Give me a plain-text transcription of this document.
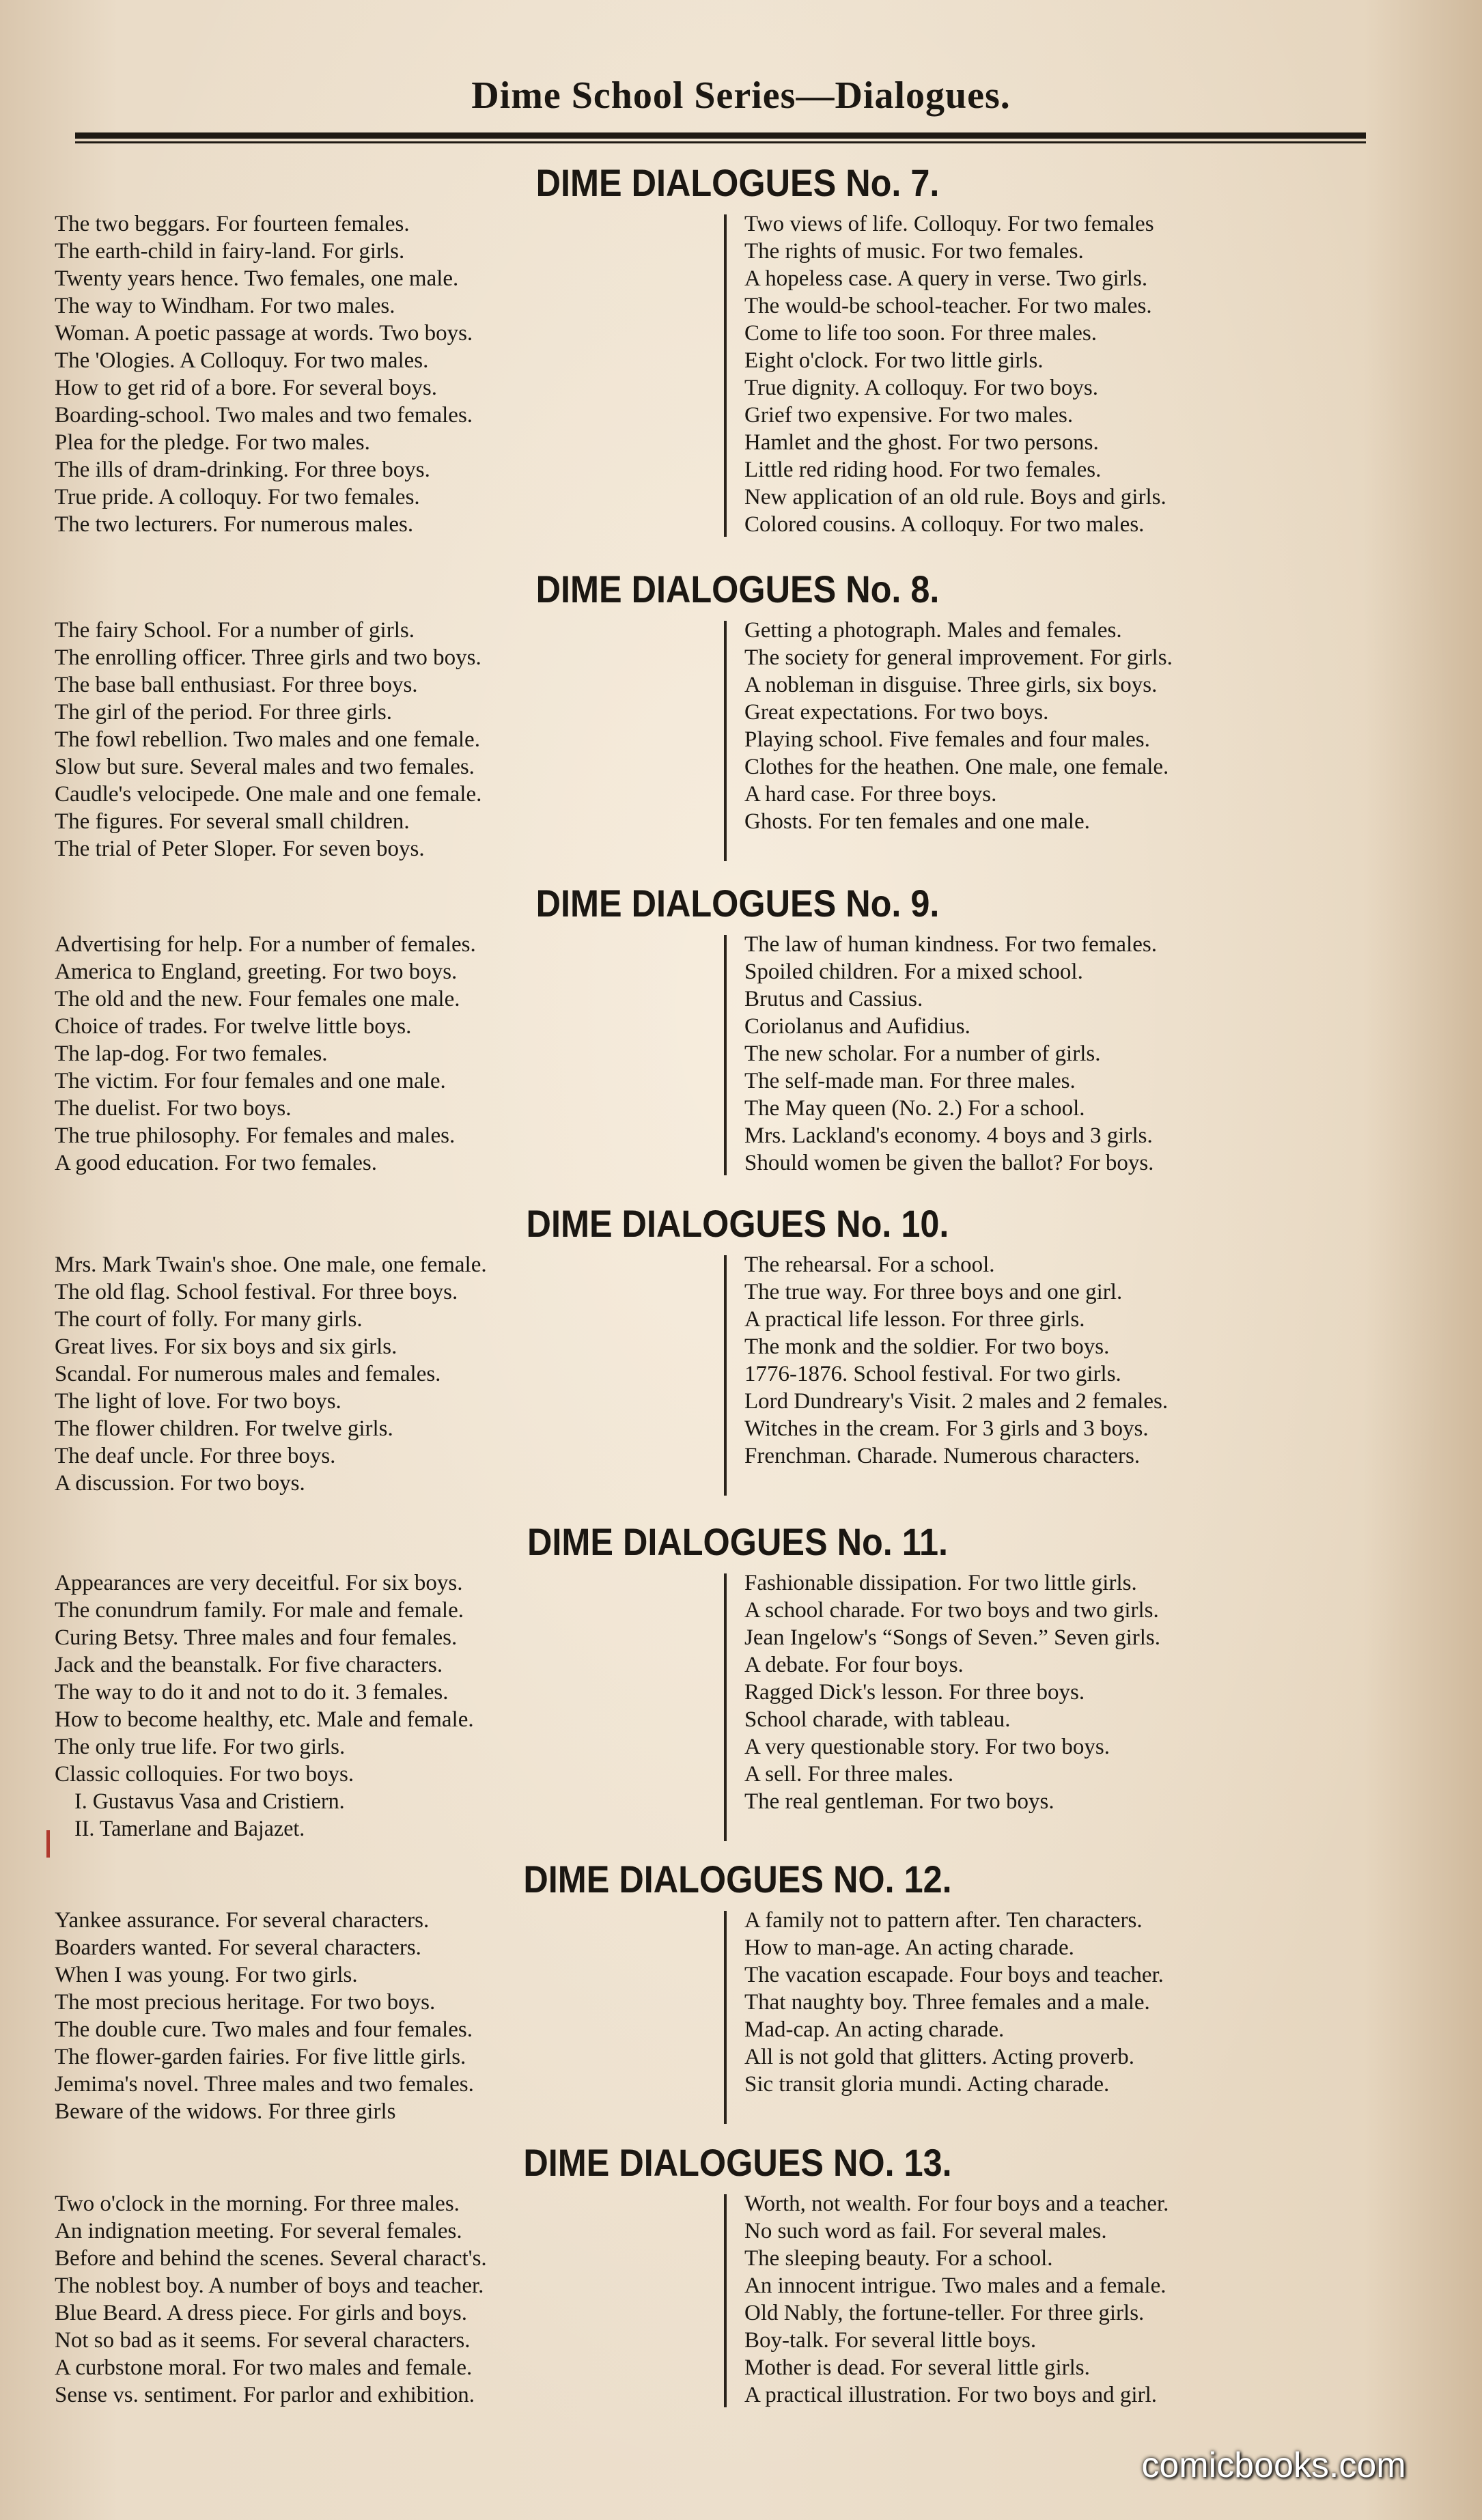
Dime School Series—Dialogues.
DIME DIALOGUES No. 7.
The two beggars. For fourteen females.
The earth-child in fairy-land. For girls.
Twenty years hence. Two females, one male.
The way to Windham. For two males.
Woman. A poetic passage at words. Two boys.
The 'Ologies. A Colloquy. For two males.
How to get rid of a bore. For several boys.
Boarding-school. Two males and two females.
Plea for the pledge. For two males.
The ills of dram-drinking. For three boys.
True pride. A colloquy. For two females.
The two lecturers. For numerous males.
Two views of life. Colloquy. For two females
The rights of music. For two females.
A hopeless case. A query in verse. Two girls.
The would-be school-teacher. For two males.
Come to life too soon. For three males.
Eight o'clock. For two little girls.
True dignity. A colloquy. For two boys.
Grief two expensive. For two males.
Hamlet and the ghost. For two persons.
Little red riding hood. For two females.
New application of an old rule. Boys and girls.
Colored cousins. A colloquy. For two males.
DIME DIALOGUES No. 8.
The fairy School. For a number of girls.
The enrolling officer. Three girls and two boys.
The base ball enthusiast. For three boys.
The girl of the period. For three girls.
The fowl rebellion. Two males and one female.
Slow but sure. Several males and two females.
Caudle's velocipede. One male and one female.
The figures. For several small children.
The trial of Peter Sloper. For seven boys.
Getting a photograph. Males and females.
The society for general improvement. For girls.
A nobleman in disguise. Three girls, six boys.
Great expectations. For two boys.
Playing school. Five females and four males.
Clothes for the heathen. One male, one female.
A hard case. For three boys.
Ghosts. For ten females and one male.
DIME DIALOGUES No. 9.
Advertising for help. For a number of females.
America to England, greeting. For two boys.
The old and the new. Four females one male.
Choice of trades. For twelve little boys.
The lap-dog. For two females.
The victim. For four females and one male.
The duelist. For two boys.
The true philosophy. For females and males.
A good education. For two females.
The law of human kindness. For two females.
Spoiled children. For a mixed school.
Brutus and Cassius.
Coriolanus and Aufidius.
The new scholar. For a number of girls.
The self-made man. For three males.
The May queen (No. 2.) For a school.
Mrs. Lackland's economy. 4 boys and 3 girls.
Should women be given the ballot? For boys.
DIME DIALOGUES No. 10.
Mrs. Mark Twain's shoe. One male, one female.
The old flag. School festival. For three boys.
The court of folly. For many girls.
Great lives. For six boys and six girls.
Scandal. For numerous males and females.
The light of love. For two boys.
The flower children. For twelve girls.
The deaf uncle. For three boys.
A discussion. For two boys.
The rehearsal. For a school.
The true way. For three boys and one girl.
A practical life lesson. For three girls.
The monk and the soldier. For two boys.
1776-1876. School festival. For two girls.
Lord Dundreary's Visit. 2 males and 2 females.
Witches in the cream. For 3 girls and 3 boys.
Frenchman. Charade. Numerous characters.
DIME DIALOGUES No. 11.
Appearances are very deceitful. For six boys.
The conundrum family. For male and female.
Curing Betsy. Three males and four females.
Jack and the beanstalk. For five characters.
The way to do it and not to do it. 3 females.
How to become healthy, etc. Male and female.
The only true life. For two girls.
Classic colloquies. For two boys.
I. Gustavus Vasa and Cristiern.
II. Tamerlane and Bajazet.
Fashionable dissipation. For two little girls.
A school charade. For two boys and two girls.
Jean Ingelow's “Songs of Seven.” Seven girls.
A debate. For four boys.
Ragged Dick's lesson. For three boys.
School charade, with tableau.
A very questionable story. For two boys.
A sell. For three males.
The real gentleman. For two boys.
DIME DIALOGUES NO. 12.
Yankee assurance. For several characters.
Boarders wanted. For several characters.
When I was young. For two girls.
The most precious heritage. For two boys.
The double cure. Two males and four females.
The flower-garden fairies. For five little girls.
Jemima's novel. Three males and two females.
Beware of the widows. For three girls
A family not to pattern after. Ten characters.
How to man-age. An acting charade.
The vacation escapade. Four boys and teacher.
That naughty boy. Three females and a male.
Mad-cap. An acting charade.
All is not gold that glitters. Acting proverb.
Sic transit gloria mundi. Acting charade.
DIME DIALOGUES NO. 13.
Two o'clock in the morning. For three males.
An indignation meeting. For several females.
Before and behind the scenes. Several charact's.
The noblest boy. A number of boys and teacher.
Blue Beard. A dress piece. For girls and boys.
Not so bad as it seems. For several characters.
A curbstone moral. For two males and female.
Sense vs. sentiment. For parlor and exhibition.
Worth, not wealth. For four boys and a teacher.
No such word as fail. For several males.
The sleeping beauty. For a school.
An innocent intrigue. Two males and a female.
Old Nably, the fortune-teller. For three girls.
Boy-talk. For several little boys.
Mother is dead. For several little girls.
A practical illustration. For two boys and girl.
comicbooks.com
